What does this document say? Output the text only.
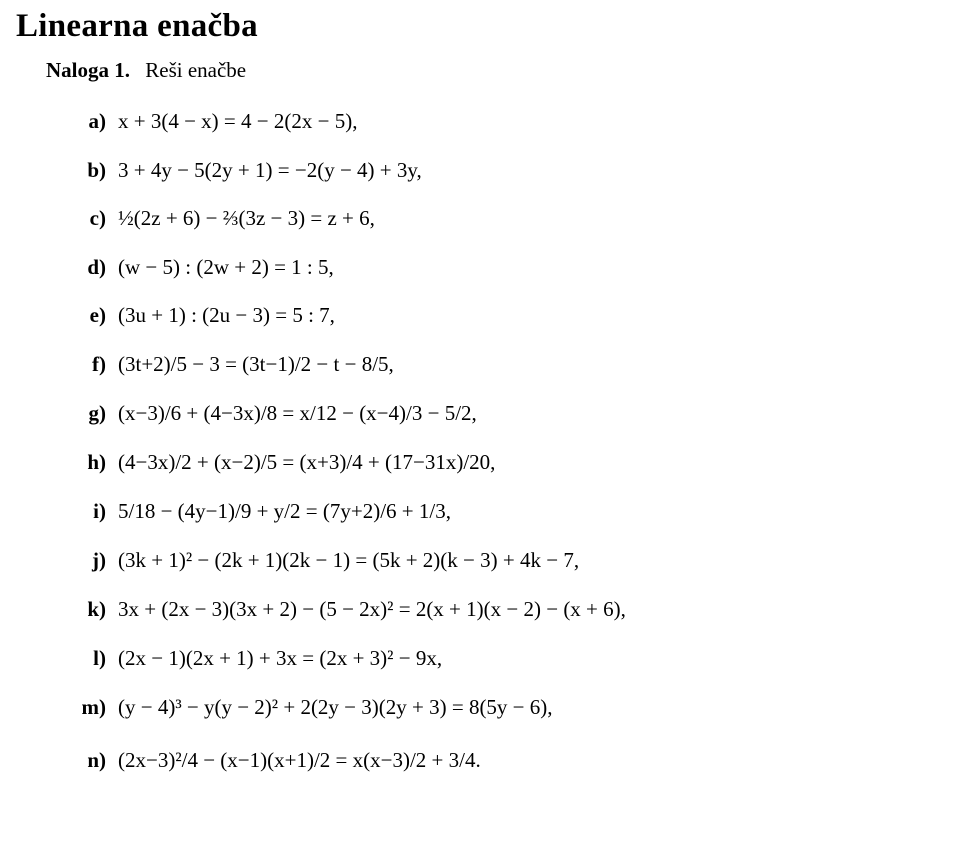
Linearna enačba
Naloga 1. Reši enačbe
a) x + 3(4 − x) = 4 − 2(2x − 5),
b) 3 + 4y − 5(2y + 1) = −2(y − 4) + 3y,
c) ½(2z + 6) − ⅔(3z − 3) = z + 6,
d) (w − 5) : (2w + 2) = 1 : 5,
e) (3u + 1) : (2u − 3) = 5 : 7,
f) (3t+2)/5 − 3 = (3t−1)/2 − t − 8/5,
g) (x−3)/6 + (4−3x)/8 = x/12 − (x−4)/3 − 5/2,
h) (4−3x)/2 + (x−2)/5 = (x+3)/4 + (17−31x)/20,
i) 5/18 − (4y−1)/9 + y/2 = (7y+2)/6 + 1/3,
j) (3k + 1)² − (2k + 1)(2k − 1) = (5k + 2)(k − 3) + 4k − 7,
k) 3x + (2x − 3)(3x + 2) − (5 − 2x)² = 2(x + 1)(x − 2) − (x + 6),
l) (2x − 1)(2x + 1) + 3x = (2x + 3)² − 9x,
m) (y − 4)³ − y(y − 2)² + 2(2y − 3)(2y + 3) = 8(5y − 6),
n) (2x−3)²/4 − (x−1)(x+1)/2 = x(x−3)/2 + 3/4.
